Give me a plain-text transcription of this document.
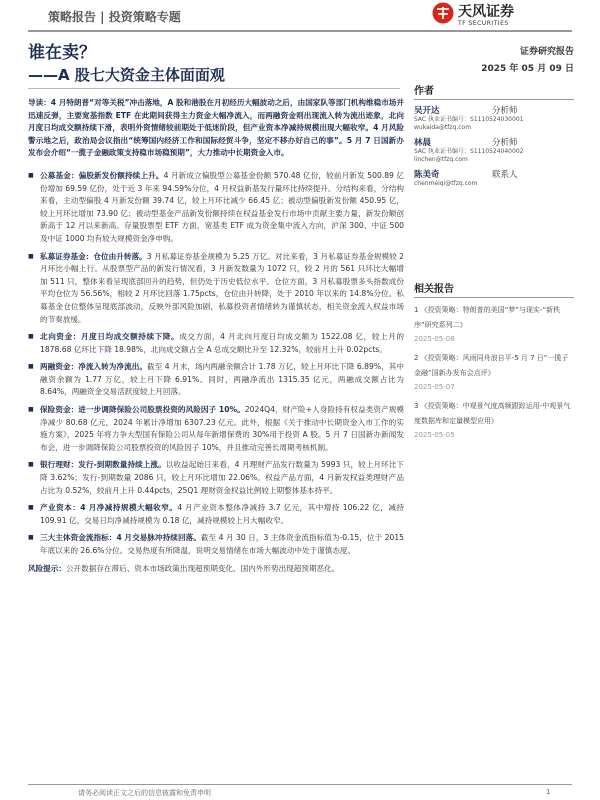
策略报告 | 投资策略专题	天风证券
TF SECURITIES
谁在卖？
——A 股七大资金主体面面观
证券研究报告
2025 年 05 月 09 日
作者
吴开达	分析师
SAC 执业证书编号：S1110524030001
wukaida@tfzq.com
林晨	分析师
SAC 执业证书编号：S1110524040002
linchen@tfzq.com
陈美奇	联系人
chenmeiqi@tfzq.com
相关报告
1 《投资策略：特朗普的美国“梦”与现实-“新秩序”研究系列二》
2025-05-08
2 《投资策略：风雨同舟浪自平-5 月 7 日“一揽子金融”国新办发布会点评》
2025-05-07
3 《投资策略：中观景气度高频跟踪运用-中观景气度数据库和定量模型应用》
2025-05-05
导读：4 月特朗普“对等关税”冲击落地，A 股和港股在月初经历大幅波动之后，由国家队等部门机构维稳市场并迅速反弹，主要宽基指数 ETF 在此期间获得主力资金大幅净流入，而两融资金则出现流入转为流出迹象，北向月度日均成交额持续下滑，表明外资情绪较前期处于低迷阶段，但产业资本净减持规模出现大幅收窄。4 月风险警示地之后，政治局会议指出“统筹国内经济工作和国际经贸斗争，坚定不移办好自己的事”。5 月 7 日国新办发布会介绍“一揽子金融政策支持稳市场稳预期”，大力推动中长期资金入市。
■ 公募基金：偏股新发份额持续上升。4 月新成立偏股型公募基金份额 570.48 亿份，较前月新发 500.89 亿份增加 69.59 亿份，处于近 3 年来 94.59%分位，4 月权益新基发行量环比持续提升。分结构来看，分结构来看，主动型偏股 4 月新发份额 39.74 亿，较上月环比减少 66.45 亿；被动型偏股新发份额 450.95 亿，较上月环比增加 73.90 亿；被动型基金产品新发份额持续在权益基金发行市场中贡献主要力量，新发份额创新高于 12 月以来新高。存量股票型 ETF 方面，宽基类 ETF 成为资金集中流入方向，沪深 300、中证 500 及中证 1000 均有较大规模资金净申购。
■ 私募证券基金：仓位由升转落。3 月私募证券基金规模为 5.25 万亿。对比来看，3 月私募证券基金规模较 2 月环比小幅上行。从股票型产品的新发行情况看，3 月新发数量为 1072 只，较 2 月的 561 只环比大幅增加 511 只，整体来看呈现底部回升的趋势，但仍处于历史低位水平。仓位方面，3 月私募股票多头指数成份平均仓位为 56.56%，相较 2 月环比回落 1.75pcts，仓位由升转降，处于 2010 年以来的 14.8%分位。私募基金仓位整体呈现底部波动，反映外部风险加剧，私募投资者情绪转为谨慎状态，相关资金流入权益市场的节奏放缓。
■ 北向资金：月度日均成交额持续下降。成交方面，4 月北向月度日均成交额为 1522.08 亿，较上月的 1878.68 亿环比下降 18.98%，北向成交额占全 A 总成交额比升至 12.32%，较前月上升 0.02pcts。
■ 两融资金：净流入转为净流出。截至 4 月末，场内两融余额合计 1.78 万亿，较上月环比下降 6.89%，其中融资余额为 1.77 万亿，较上月下降 6.91%。同时，两融净流出 1315.35 亿元，两融成交额占比为 8.64%，两融资金交易活跃度较上月回落。
■ 保险资金：进一步调降保险公司股票投资的风险因子 10%。2024Q4，财产险+人身险持有权益类资产规模净减少 80.68 亿元，2024 年累计净增加 6307.23 亿元。此外，根据《关于推动中长期资金入市工作的实施方案》，2025 年将力争大型国有保险公司从每年新增保费的 30%用于投资 A 股。5 月 7 日国新办新闻发布会，进一步调降保险公司股票投资的风险因子 10%，并且推动完善长周期考核机制。
■ 银行理财：发行-到期数量持续上涨。以收益起始日来看，4 月理财产品发行数量为 5993 只，较上月环比下降 3.62%；发行-到期数量 2086 只，较上月环比增加 22.06%。权益产品方面，4 月新发权益类理财产品占比为 0.52%，较前月上升 0.44pcts，25Q1 理财资金权益比例较上期整体基本持平。
■ 产业资本：4 月净减持规模大幅收窄。4 月产业资本整体净减持 3.7 亿元，其中增持 106.22 亿，减持 109.91 亿，交易日均净减持规模为 0.18 亿，减持规模较上月大幅收窄。
■ 三大主体资金流指标：4 月交易脉冲持续回落。截至 4 月 30 日，3 主体资金流指标值为-0.15，位于 2015 年底以来的 26.6%分位。交易热度有所降温，说明交易情绪在市场大幅波动中处于谨慎态度。
风险提示：公开数据存在滞后、资本市场政策出现超预期变化、国内外形势出现超预期恶化。
请务必阅读正文之后的信息披露和免责申明	1
